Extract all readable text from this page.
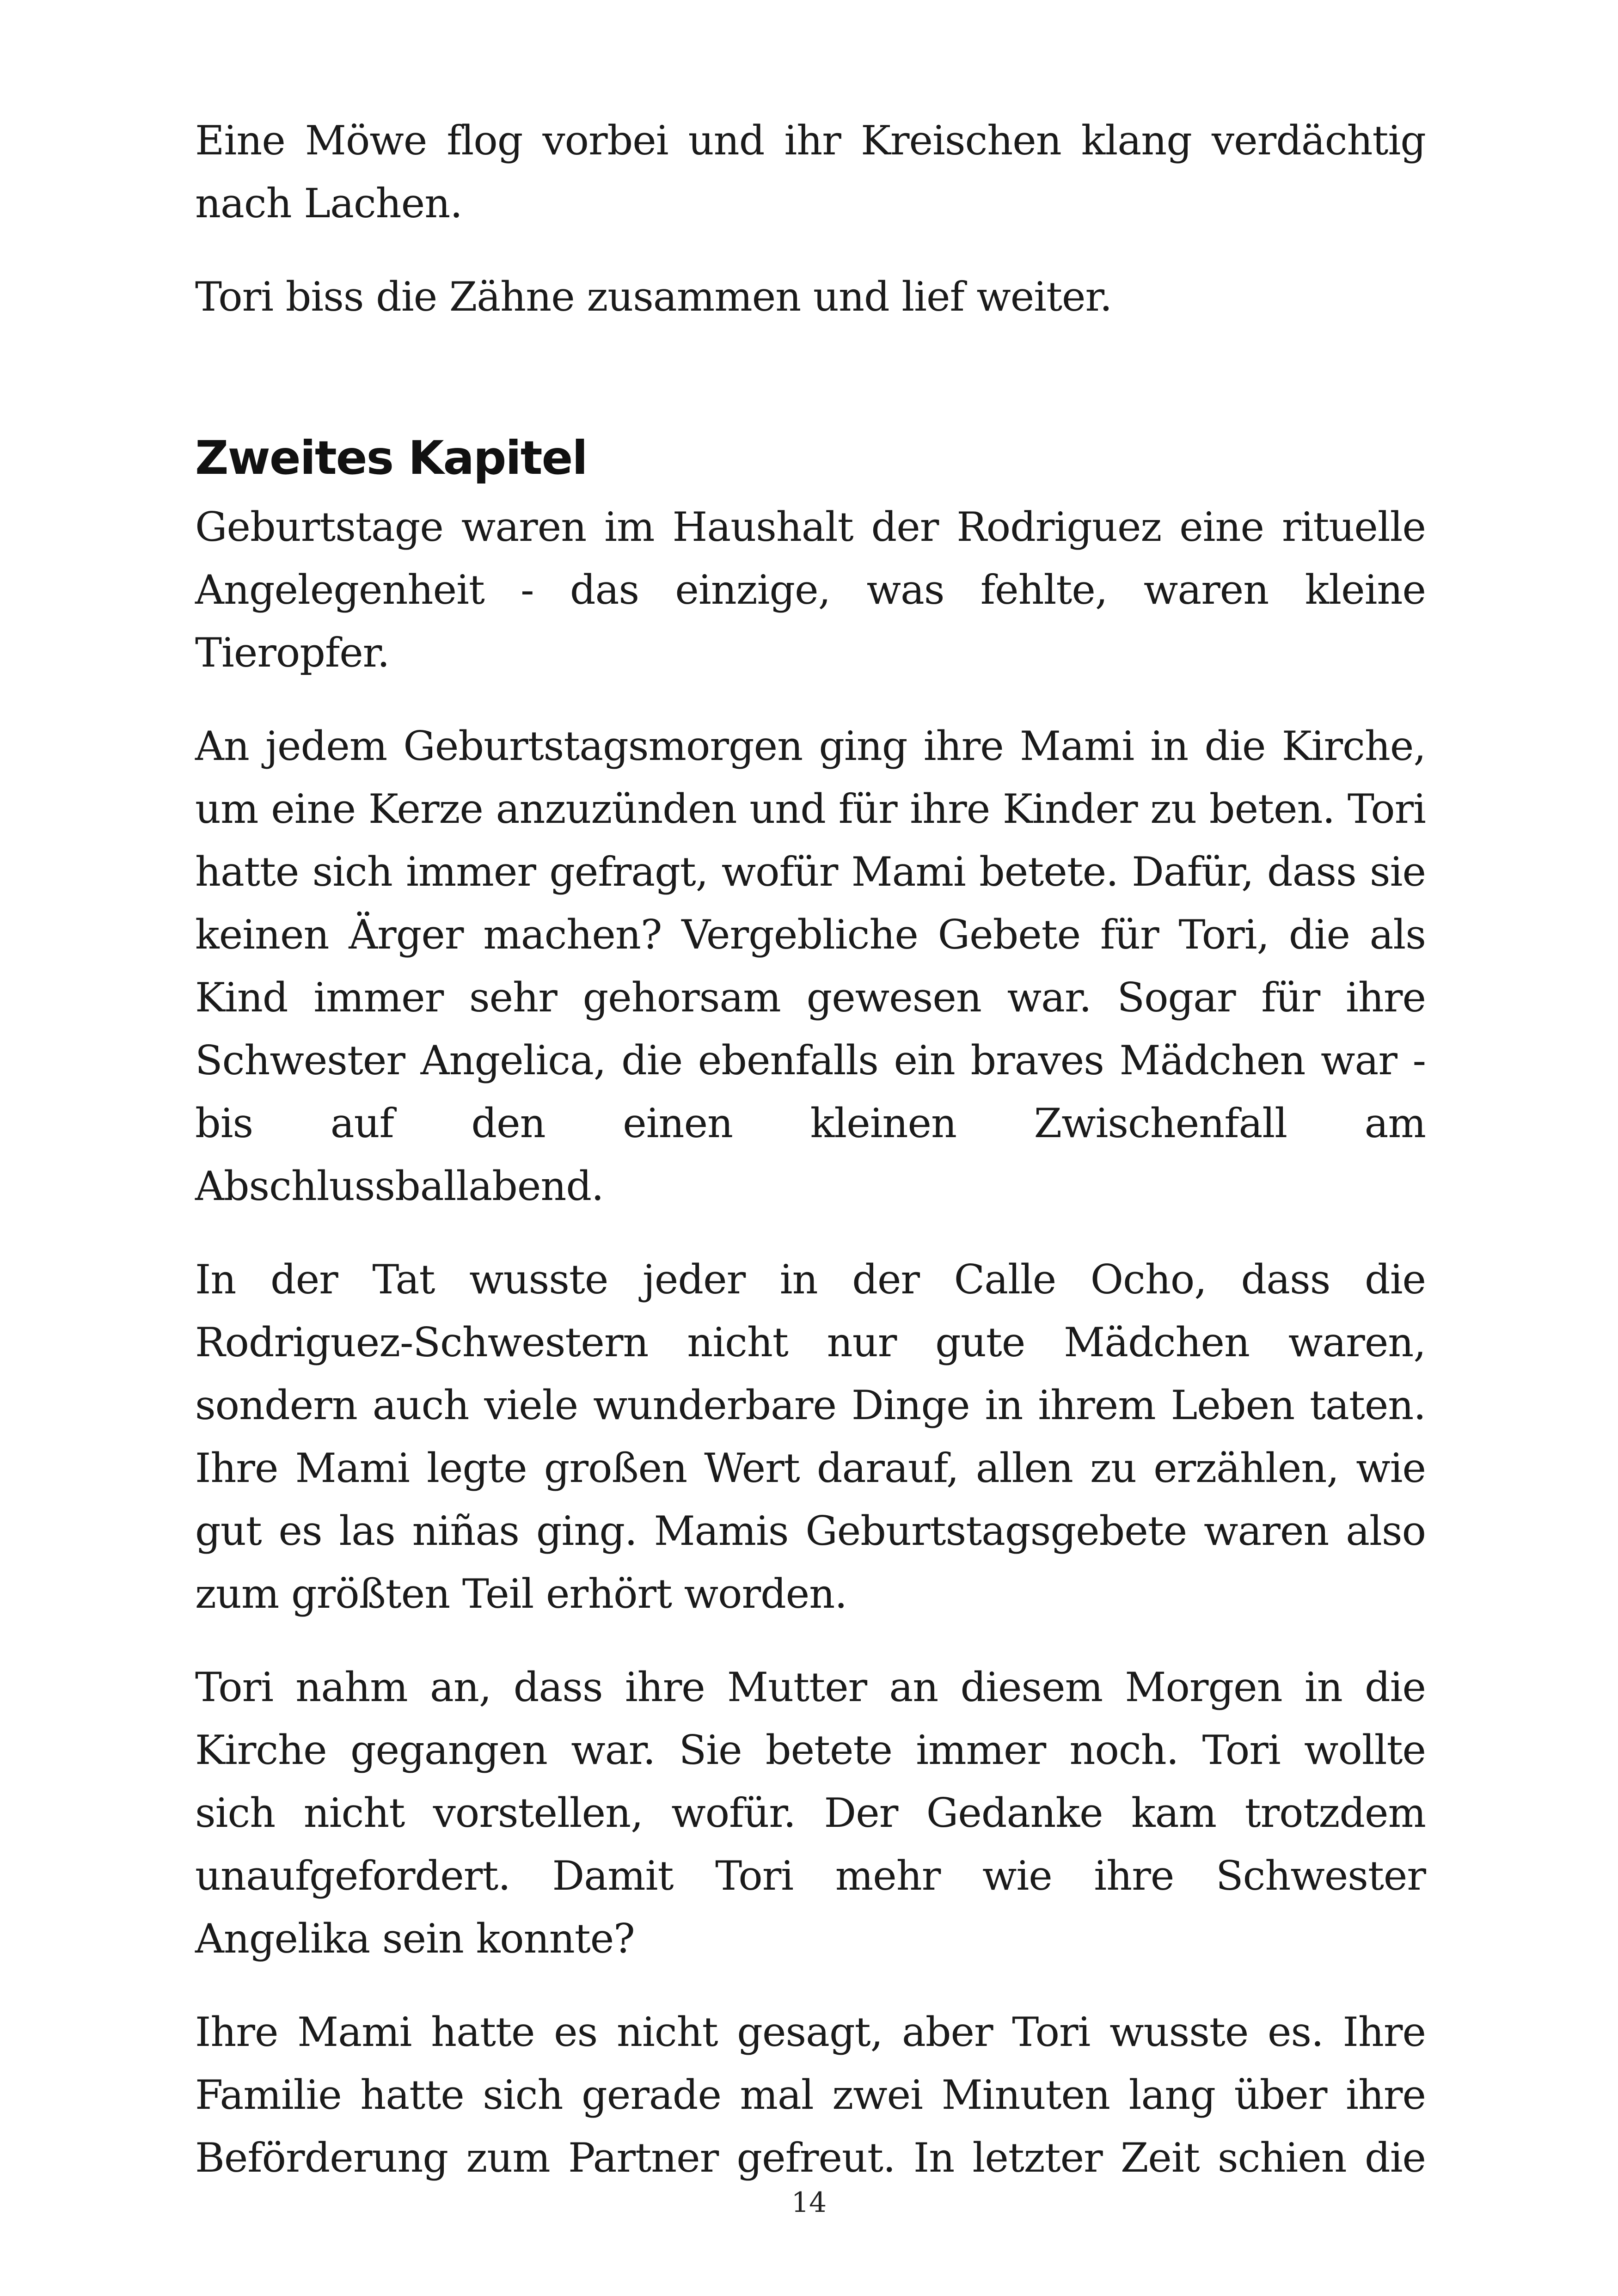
Eine Möwe flog vorbei und ihr Kreischen klang verdächtig nach Lachen.

Tori biss die Zähne zusammen und lief weiter.

Zweites Kapitel

Geburtstage waren im Haushalt der Rodriguez eine rituelle Angelegenheit - das einzige, was fehlte, waren kleine Tieropfer.

An jedem Geburtstagsmorgen ging ihre Mami in die Kirche, um eine Kerze anzuzünden und für ihre Kinder zu beten. Tori hatte sich immer gefragt, wofür Mami betete. Dafür, dass sie keinen Ärger machen? Vergebliche Gebete für Tori, die als Kind immer sehr gehorsam gewesen war. Sogar für ihre Schwester Angelica, die ebenfalls ein braves Mädchen war - bis auf den einen kleinen Zwischenfall am Abschlussballabend.

In der Tat wusste jeder in der Calle Ocho, dass die Rodriguez-Schwestern nicht nur gute Mädchen waren, sondern auch viele wunderbare Dinge in ihrem Leben taten. Ihre Mami legte großen Wert darauf, allen zu erzählen, wie gut es las niñas ging. Mamis Geburtstagsgebete waren also zum größten Teil erhört worden.

Tori nahm an, dass ihre Mutter an diesem Morgen in die Kirche gegangen war. Sie betete immer noch. Tori wollte sich nicht vorstellen, wofür. Der Gedanke kam trotzdem unaufgefordert. Damit Tori mehr wie ihre Schwester Angelika sein konnte?

Ihre Mami hatte es nicht gesagt, aber Tori wusste es. Ihre Familie hatte sich gerade mal zwei Minuten lang über ihre Beförderung zum Partner gefreut. In letzter Zeit schien die

14
